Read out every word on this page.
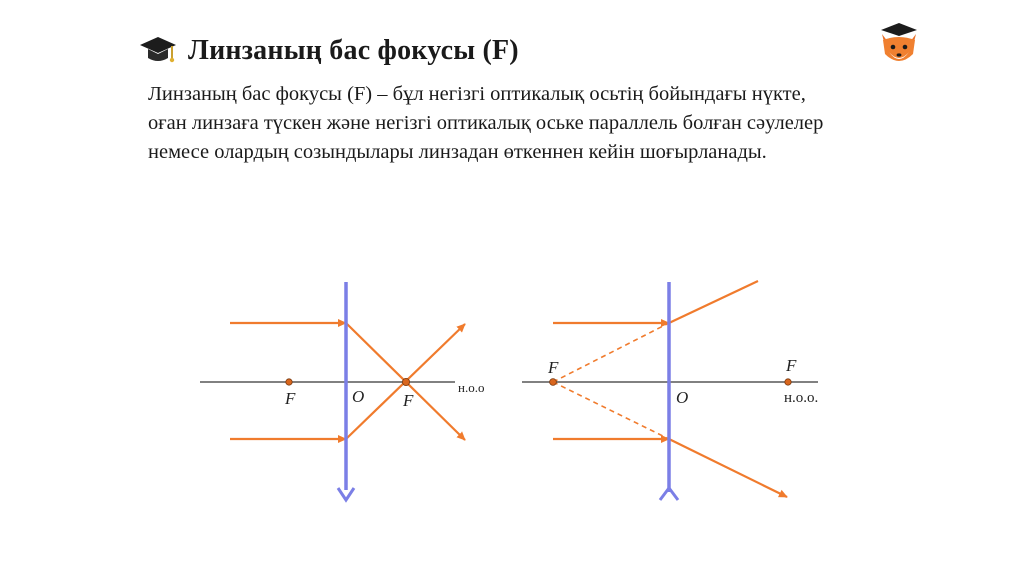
Линзаның бас фокусы (F)

Линзаның бас фокусы (F) – бұл негізгі оптикалық осьтің бойындағы нүкте, оған линзаға түскен және негізгі оптикалық оське параллель болған сәулелер немесе олардың созындылары линзадан өткеннен кейін шоғырланады.

F	O F
н.о.о
F
O
F
н.о.о.
